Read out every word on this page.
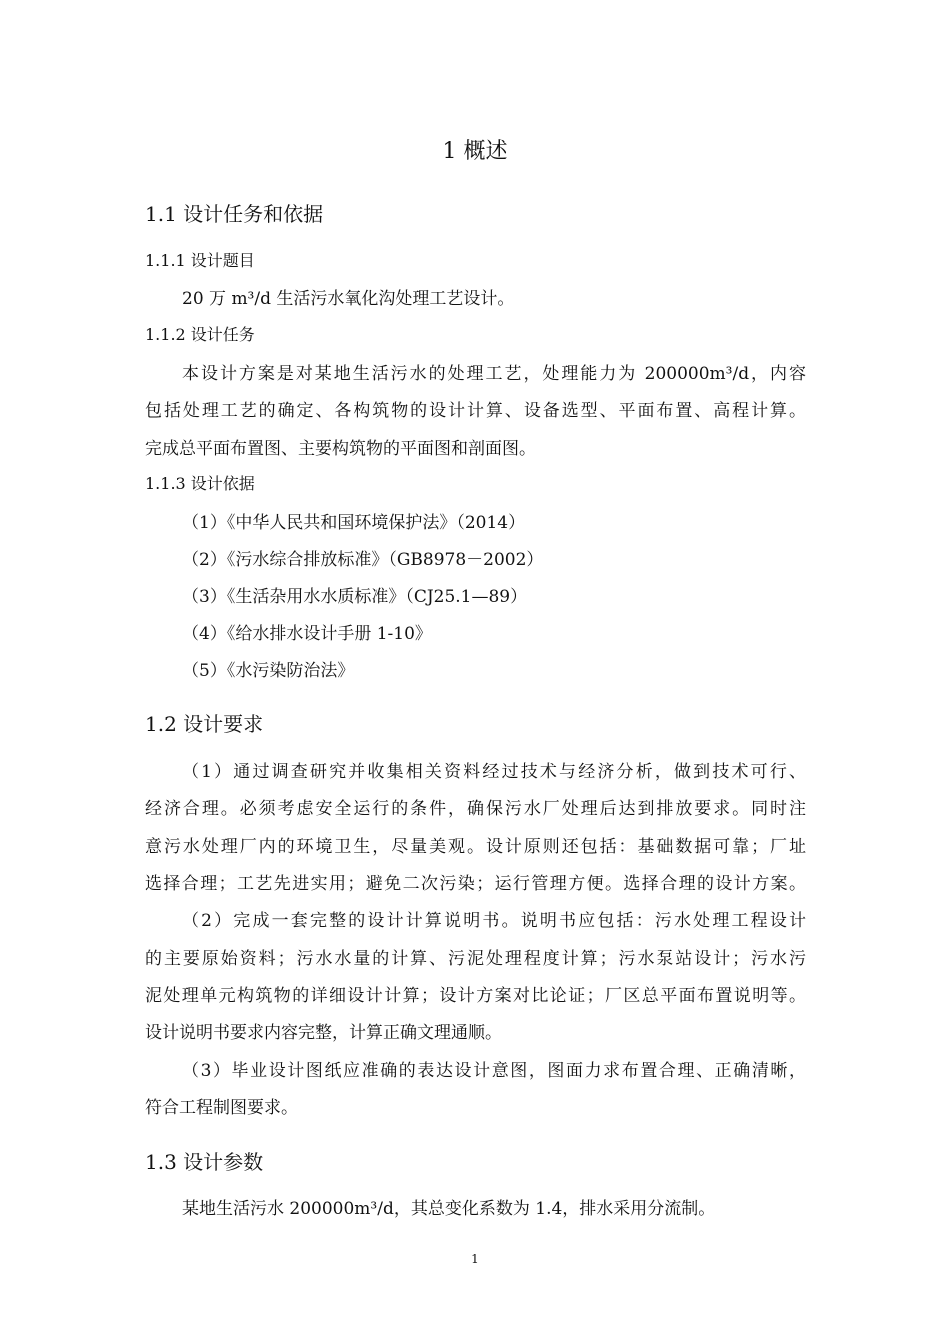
1 概述
1.1 设计任务和依据
1.1.1 设计题目
20 万 m³/d 生活污水氧化沟处理工艺设计。
1.1.2 设计任务
本设计方案是对某地生活污水的处理工艺，处理能力为 200000m³/d，内容
包括处理工艺的确定、各构筑物的设计计算、设备选型、平面布置、高程计算。
完成总平面布置图、主要构筑物的平面图和剖面图。
1.1.3 设计依据
（1）《中华人民共和国环境保护法》（2014）
（2）《污水综合排放标准》（GB8978－2002）
（3）《生活杂用水水质标准》（CJ25.1—89）
（4）《给水排水设计手册 1-10》
（5）《水污染防治法》
1.2 设计要求
（1）通过调查研究并收集相关资料经过技术与经济分析，做到技术可行、
经济合理。必须考虑安全运行的条件，确保污水厂处理后达到排放要求。同时注
意污水处理厂内的环境卫生，尽量美观。设计原则还包括：基础数据可靠；厂址
选择合理；工艺先进实用；避免二次污染；运行管理方便。选择合理的设计方案。
（2）完成一套完整的设计计算说明书。说明书应包括：污水处理工程设计
的主要原始资料；污水水量的计算、污泥处理程度计算；污水泵站设计；污水污
泥处理单元构筑物的详细设计计算；设计方案对比论证；厂区总平面布置说明等。
设计说明书要求内容完整，计算正确文理通顺。
（3）毕业设计图纸应准确的表达设计意图，图面力求布置合理、正确清晰，
符合工程制图要求。
1.3 设计参数
某地生活污水 200000m³/d，其总变化系数为 1.4，排水采用分流制。
1
